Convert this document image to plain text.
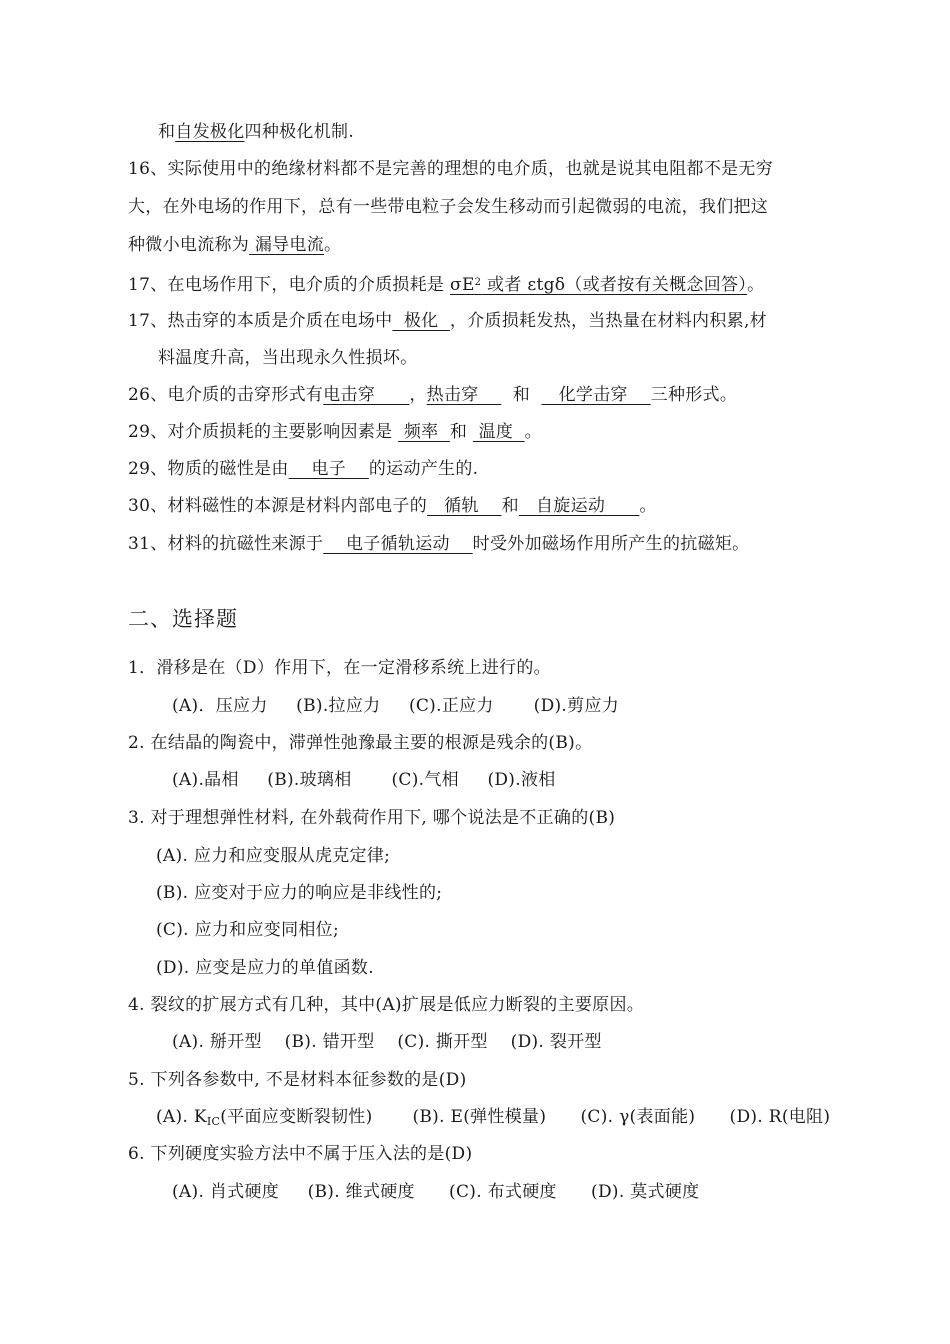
和自发极化四种极化机制.
16、实际使用中的绝缘材料都不是完善的理想的电介质，也就是说其电阻都不是无穷
大，在外电场的作用下，总有一些带电粒子会发生移动而引起微弱的电流，我们把这
种微小电流称为 漏导电流。
17、在电场作用下，电介质的介质损耗是 $\sigma E^2$ 或者 εtgδ（或者按有关概念回答）。
17、热击穿的本质是介质在电场中  极化  ，介质损耗发热，当热量在材料内积累,材
料温度升高，当出现永久性损坏。
26、电介质的击穿形式有电击穿      ，热击穿      和     化学击穿    三种形式。
29、对介质损耗的主要影响因素是  频率  和  温度  。
29、物质的磁性是由    电子    的运动产生的.
30、材料磁性的本源是材料内部电子的   循轨    和   自旋运动      。
31、材料的抗磁性来源于    电子循轨运动    时受外加磁场作用所产生的抗磁矩。
二、选择题
1．滑移是在（D）作用下，在一定滑移系统上进行的。
(A)．压应力     (B).拉应力     (C).正应力       (D).剪应力
2. 在结晶的陶瓷中，滞弹性弛豫最主要的根源是残余的(B)。
(A).晶相     (B).玻璃相       (C).气相     (D).液相
3. 对于理想弹性材料, 在外载荷作用下, 哪个说法是不正确的(B)
(A). 应力和应变服从虎克定律;
(B). 应变对于应力的响应是非线性的;
(C). 应力和应变同相位;
(D). 应变是应力的单值函数.
4. 裂纹的扩展方式有几种，其中(A)扩展是低应力断裂的主要原因。
(A). 掰开型    (B). 错开型    (C). 撕开型    (D). 裂开型
5. 下列各参数中, 不是材料本征参数的是(D)
(A). $K_{IC}$(平面应变断裂韧性) (B). E(弹性模量)      (C). γ(表面能)      (D). R(电阻)
6. 下列硬度实验方法中不属于压入法的是(D)
(A). 肖式硬度     (B). 维式硬度      (C). 布式硬度      (D). 莫式硬度
